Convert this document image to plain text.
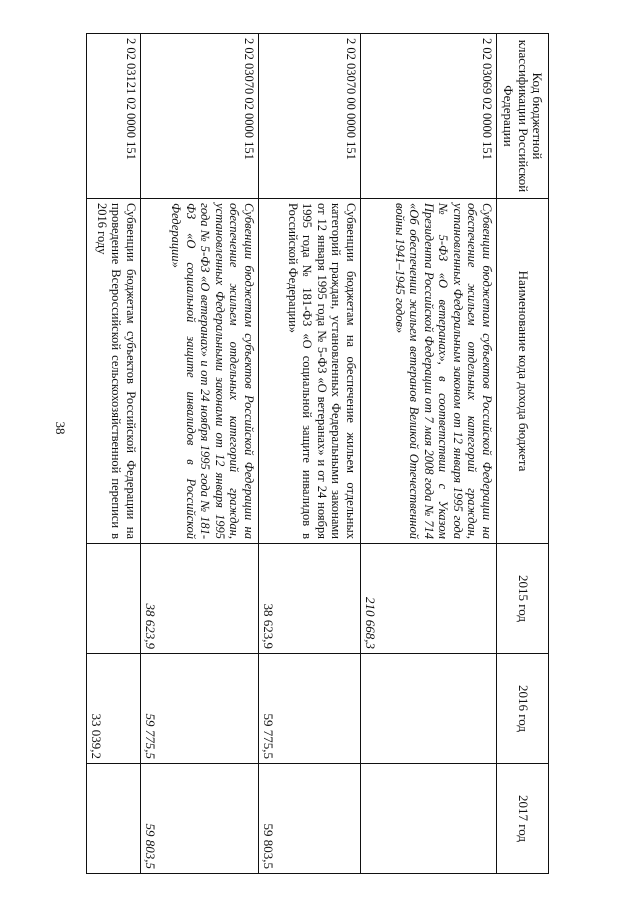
38
Код бюджетной классификации Российской Федерации	Наименование кода дохода бюджета	2015 год	2016 год	2017 год
2 02 03069 02 0000 151	Субвенции бюджетам субъектов Российской Федерации на обеспечение жильем отдельных категорий граждан, установленных Федеральным законом от 12 января 1995 года № 5-ФЗ «О ветеранах», в соответствии с Указом Президента Российской Федерации от 7 мая 2008 года № 714 «Об обеспечении жильем ветеранов Великой Отечественной войны 1941–1945 годов»	210 668,3		
2 02 03070 00 0000 151	Субвенции бюджетам на обеспечение жильем отдельных категорий граждан, установленных Федеральными законами от 12 января 1995 года № 5-ФЗ «О ветеранах» и от 24 ноября 1995 года № 181-ФЗ «О социальной защите инвалидов в Российской Федерации»	38 623,9	59 775,5	59 803,5
2 02 03070 02 0000 151	Субвенции бюджетам субъектов Российской Федерации на обеспечение жильем отдельных категорий граждан, установленных Федеральными законами от 12 января 1995 года № 5-ФЗ «О ветеранах» и от 24 ноября 1995 года № 181-ФЗ «О социальной защите инвалидов в Российской Федерации»	38 623,9	59 775,5	59 803,5
2 02 03121 02 0000 151	Субвенции бюджетам субъектов Российской Федерации на проведение Всероссийской сельскохозяйственной переписи в 2016 году		33 039,2	
